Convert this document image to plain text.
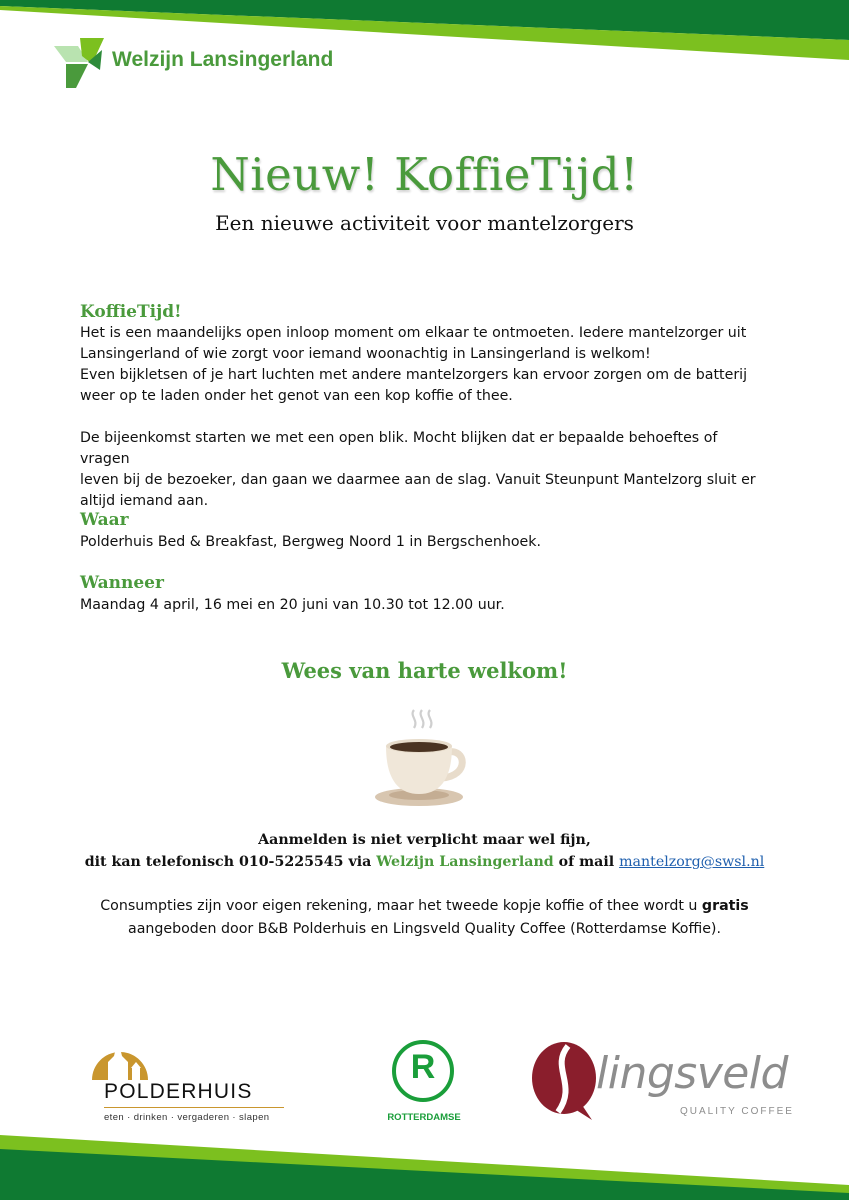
Welzijn Lansingerland
Nieuw! KoffieTijd!
Een nieuwe activiteit voor mantelzorgers
KoffieTijd!
Het is een maandelijks open inloop moment om elkaar te ontmoeten. Iedere mantelzorger uit
Lansingerland of wie zorgt voor iemand woonachtig in Lansingerland is welkom!
Even bijkletsen of je hart luchten met andere mantelzorgers kan ervoor zorgen om de batterij
weer op te laden onder het genot van een kop koffie of thee.
De bijeenkomst starten we met een open blik. Mocht blijken dat er bepaalde behoeftes of vragen
leven bij de bezoeker, dan gaan we daarmee aan de slag. Vanuit Steunpunt Mantelzorg sluit er
altijd iemand aan.
Waar
Polderhuis Bed & Breakfast, Bergweg Noord 1 in Bergschenhoek.
Wanneer
Maandag 4 april, 16 mei en 20 juni van 10.30 tot 12.00 uur.
Wees van harte welkom!
Aanmelden is niet verplicht maar wel fijn,
dit kan telefonisch 010-5225545 via Welzijn Lansingerland of mail mantelzorg@swsl.nl
Consumpties zijn voor eigen rekening, maar het tweede kopje koffie of thee wordt u gratis
aangeboden door B&B Polderhuis en Lingsveld Quality Coffee (Rotterdamse Koffie).
POLDERHUIS
eten · drinken · vergaderen · slapen
R
ROTTERDAMSE
lingsveld
QUALITY COFFEE
